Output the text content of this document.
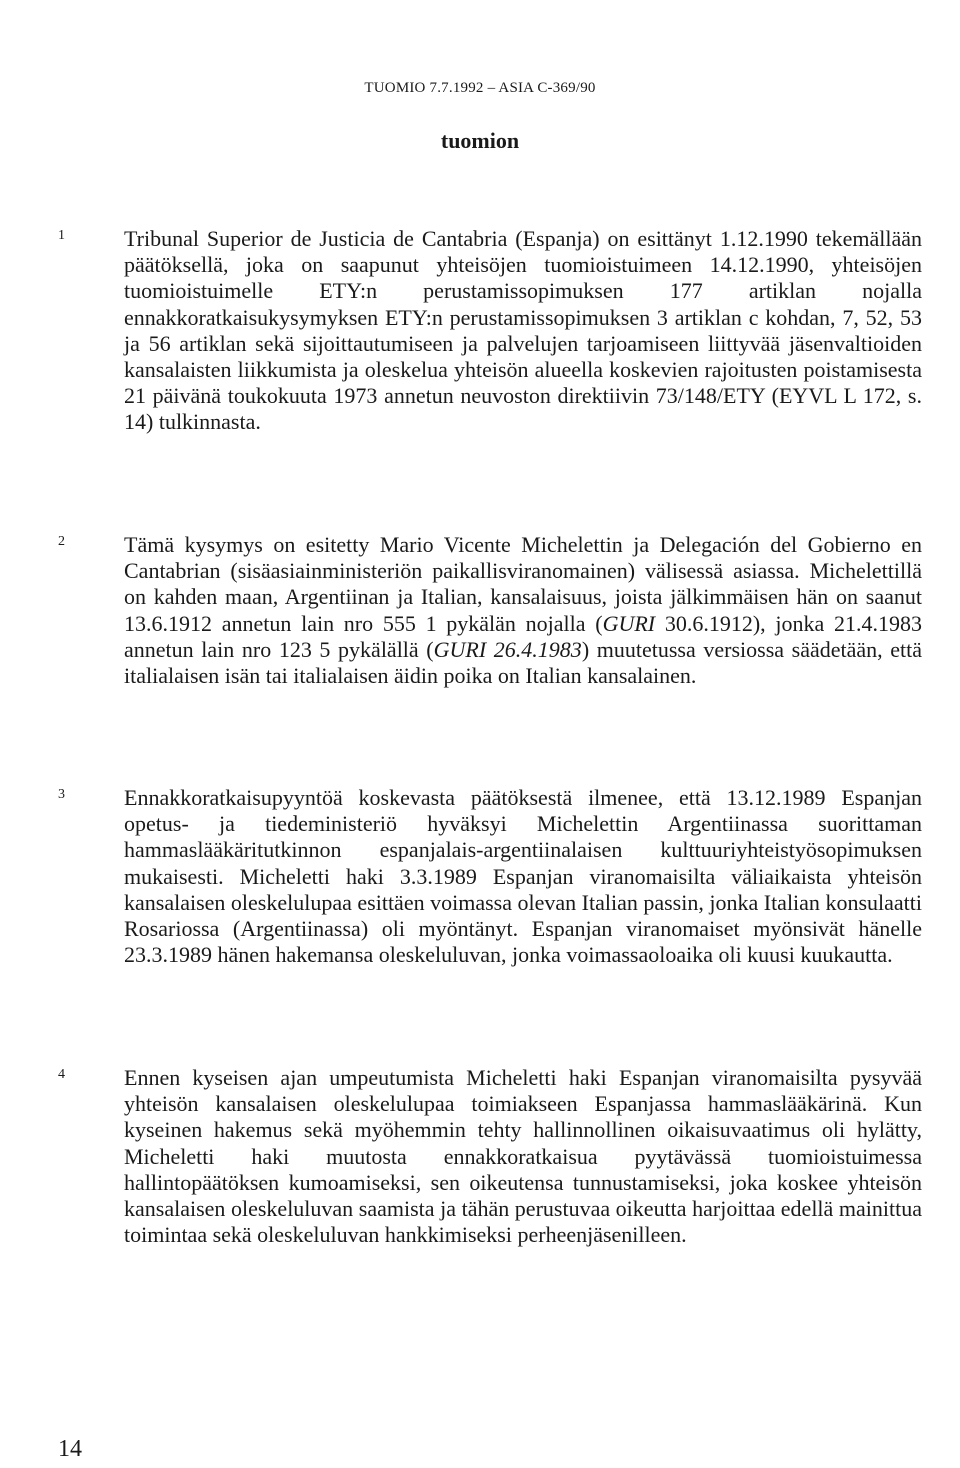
TUOMIO 7.7.1992 – ASIA C-369/90
tuomion
1	Tribunal Superior de Justicia de Cantabria (Espanja) on esittänyt 1.12.1990 tekemällään päätöksellä, joka on saapunut yhteisöjen tuomioistuimeen 14.12.1990, yhteisöjen tuomioistuimelle ETY:n perustamissopimuksen 177 artiklan nojalla ennakkoratkaisukysymyksen ETY:n perustamissopimuksen 3 artiklan c kohdan, 7, 52, 53 ja 56 artiklan sekä sijoittautumiseen ja palvelujen tarjoamiseen liittyvää jäsenvaltioiden kansalaisten liikkumista ja oleskelua yhteisön alueella koskevien rajoitusten poistamisesta 21 päivänä toukokuuta 1973 annetun neuvoston direktiivin 73/148/ETY (EYVL L 172, s. 14) tulkinnasta.

2	Tämä kysymys on esitetty Mario Vicente Michelettin ja Delegación del Gobierno en Cantabrian (sisäasiainministeriön paikallisviranomainen) välisessä asiassa. Michelettillä on kahden maan, Argentiinan ja Italian, kansalaisuus, joista jälkimmäisen hän on saanut 13.6.1912 annetun lain nro 555 1 pykälän nojalla (GURI 30.6.1912), jonka 21.4.1983 annetun lain nro 123 5 pykälällä (GURI 26.4.1983) muutetussa versiossa säädetään, että italialaisen isän tai italialaisen äidin poika on Italian kansalainen.

3	Ennakkoratkaisupyyntöä koskevasta päätöksestä ilmenee, että 13.12.1989 Espanjan opetus- ja tiedeministeriö hyväksyi Michelettin Argentiinassa suorittaman hammaslääkäritutkinnon espanjalais-argentiinalaisen kulttuuriyhteistyösopimuksen mukaisesti. Micheletti haki 3.3.1989 Espanjan viranomaisilta väliaikaista yhteisön kansalaisen oleskelulupaa esittäen voimassa olevan Italian passin, jonka Italian konsulaatti Rosariossa (Argentiinassa) oli myöntänyt. Espanjan viranomaiset myönsivät hänelle 23.3.1989 hänen hakemansa oleskeluluvan, jonka voimassaoloaika oli kuusi kuukautta.

4	Ennen kyseisen ajan umpeutumista Micheletti haki Espanjan viranomaisilta pysyvää yhteisön kansalaisen oleskelulupaa toimiakseen Espanjassa hammaslääkärinä. Kun kyseinen hakemus sekä myöhemmin tehty hallinnollinen oikaisuvaatimus oli hylätty, Micheletti haki muutosta ennakkoratkaisua pyytävässä tuomioistuimessa hallintopäätöksen kumoamiseksi, sen oikeutensa tunnustamiseksi, joka koskee yhteisön kansalaisen oleskeluluvan saamista ja tähän perustuvaa oikeutta harjoittaa edellä mainittua toimintaa sekä oleskeluluvan hankkimiseksi perheenjäsenilleen.

14
